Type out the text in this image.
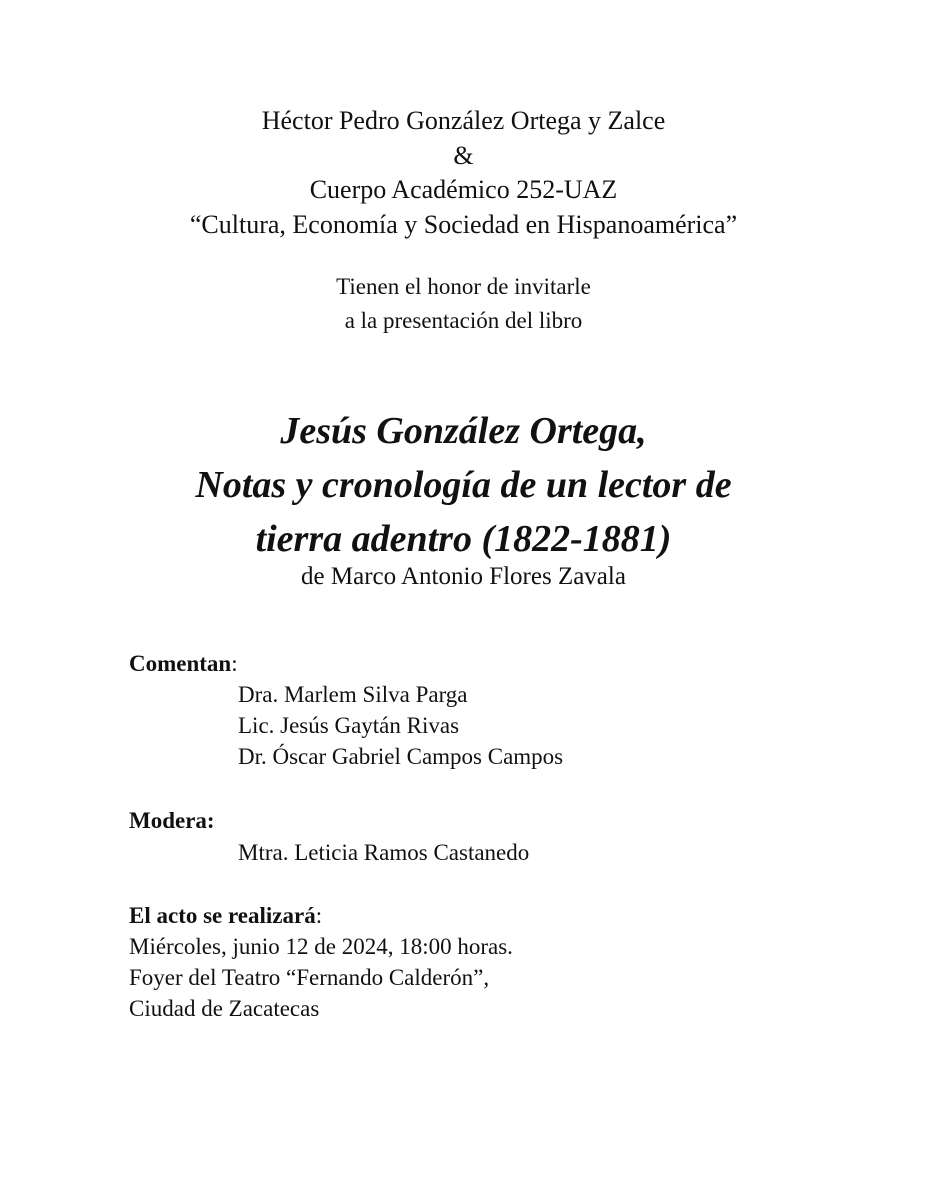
Héctor Pedro González Ortega y Zalce
&
Cuerpo Académico 252-UAZ
“Cultura, Economía y Sociedad en Hispanoamérica”
Tienen el honor de invitarle
a la presentación del libro
Jesús González Ortega,
Notas y cronología de un lector de
tierra adentro (1822-1881)
de Marco Antonio Flores Zavala
Comentan:
Dra. Marlem Silva Parga
Lic. Jesús Gaytán Rivas
Dr. Óscar Gabriel Campos Campos
Modera:
Mtra. Leticia Ramos Castanedo
El acto se realizará:
Miércoles, junio 12 de 2024, 18:00 horas.
Foyer del Teatro “Fernando Calderón”,
Ciudad de Zacatecas
